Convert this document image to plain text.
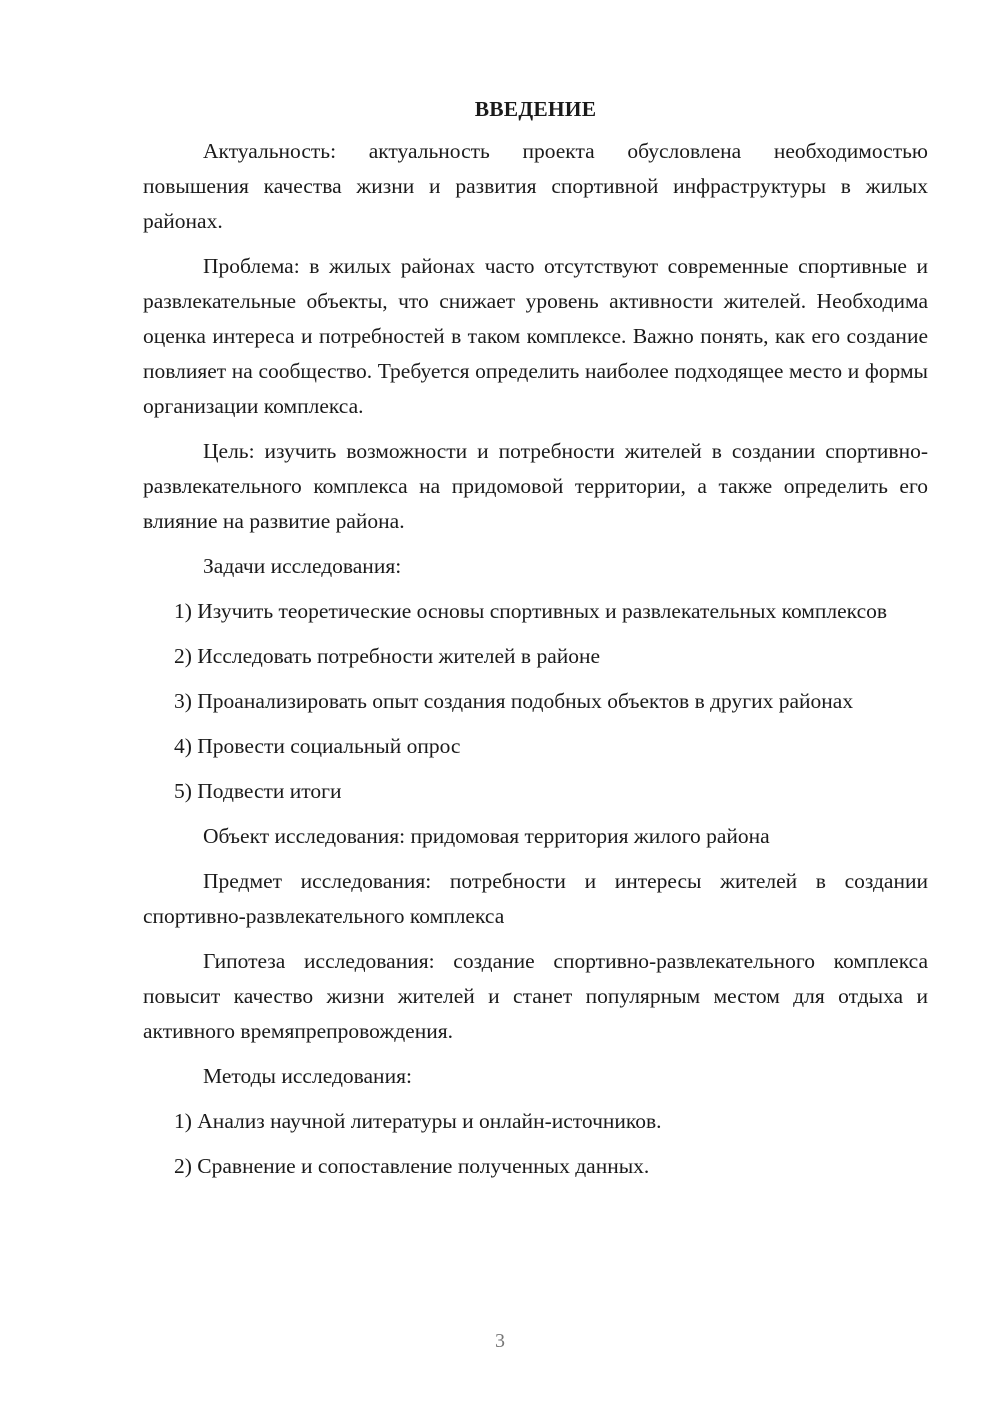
ВВЕДЕНИЕ

Актуальность: актуальность проекта обусловлена необходимостью повышения качества жизни и развития спортивной инфраструктуры в жилых районах.

Проблема: в жилых районах часто отсутствуют современные спортивные и развлекательные объекты, что снижает уровень активности жителей. Необходима оценка интереса и потребностей в таком комплексе. Важно понять, как его создание повлияет на сообщество. Требуется определить наиболее подходящее место и формы организации комплекса.

Цель: изучить возможности и потребности жителей в создании спортивно-развлекательного комплекса на придомовой территории, а также определить его влияние на развитие района.

Задачи исследования:

1) Изучить теоретические основы спортивных и развлекательных комплексов

2) Исследовать потребности жителей в районе

3) Проанализировать опыт создания подобных объектов в других районах

4) Провести социальный опрос

5) Подвести итоги

Объект исследования: придомовая территория жилого района

Предмет исследования: потребности и интересы жителей в создании спортивно-развлекательного комплекса

Гипотеза исследования: создание спортивно-развлекательного комплекса повысит качество жизни жителей и станет популярным местом для отдыха и активного времяпрепровождения.

Методы исследования:

1) Анализ научной литературы и онлайн-источников.

2) Сравнение и сопоставление полученных данных.

3
